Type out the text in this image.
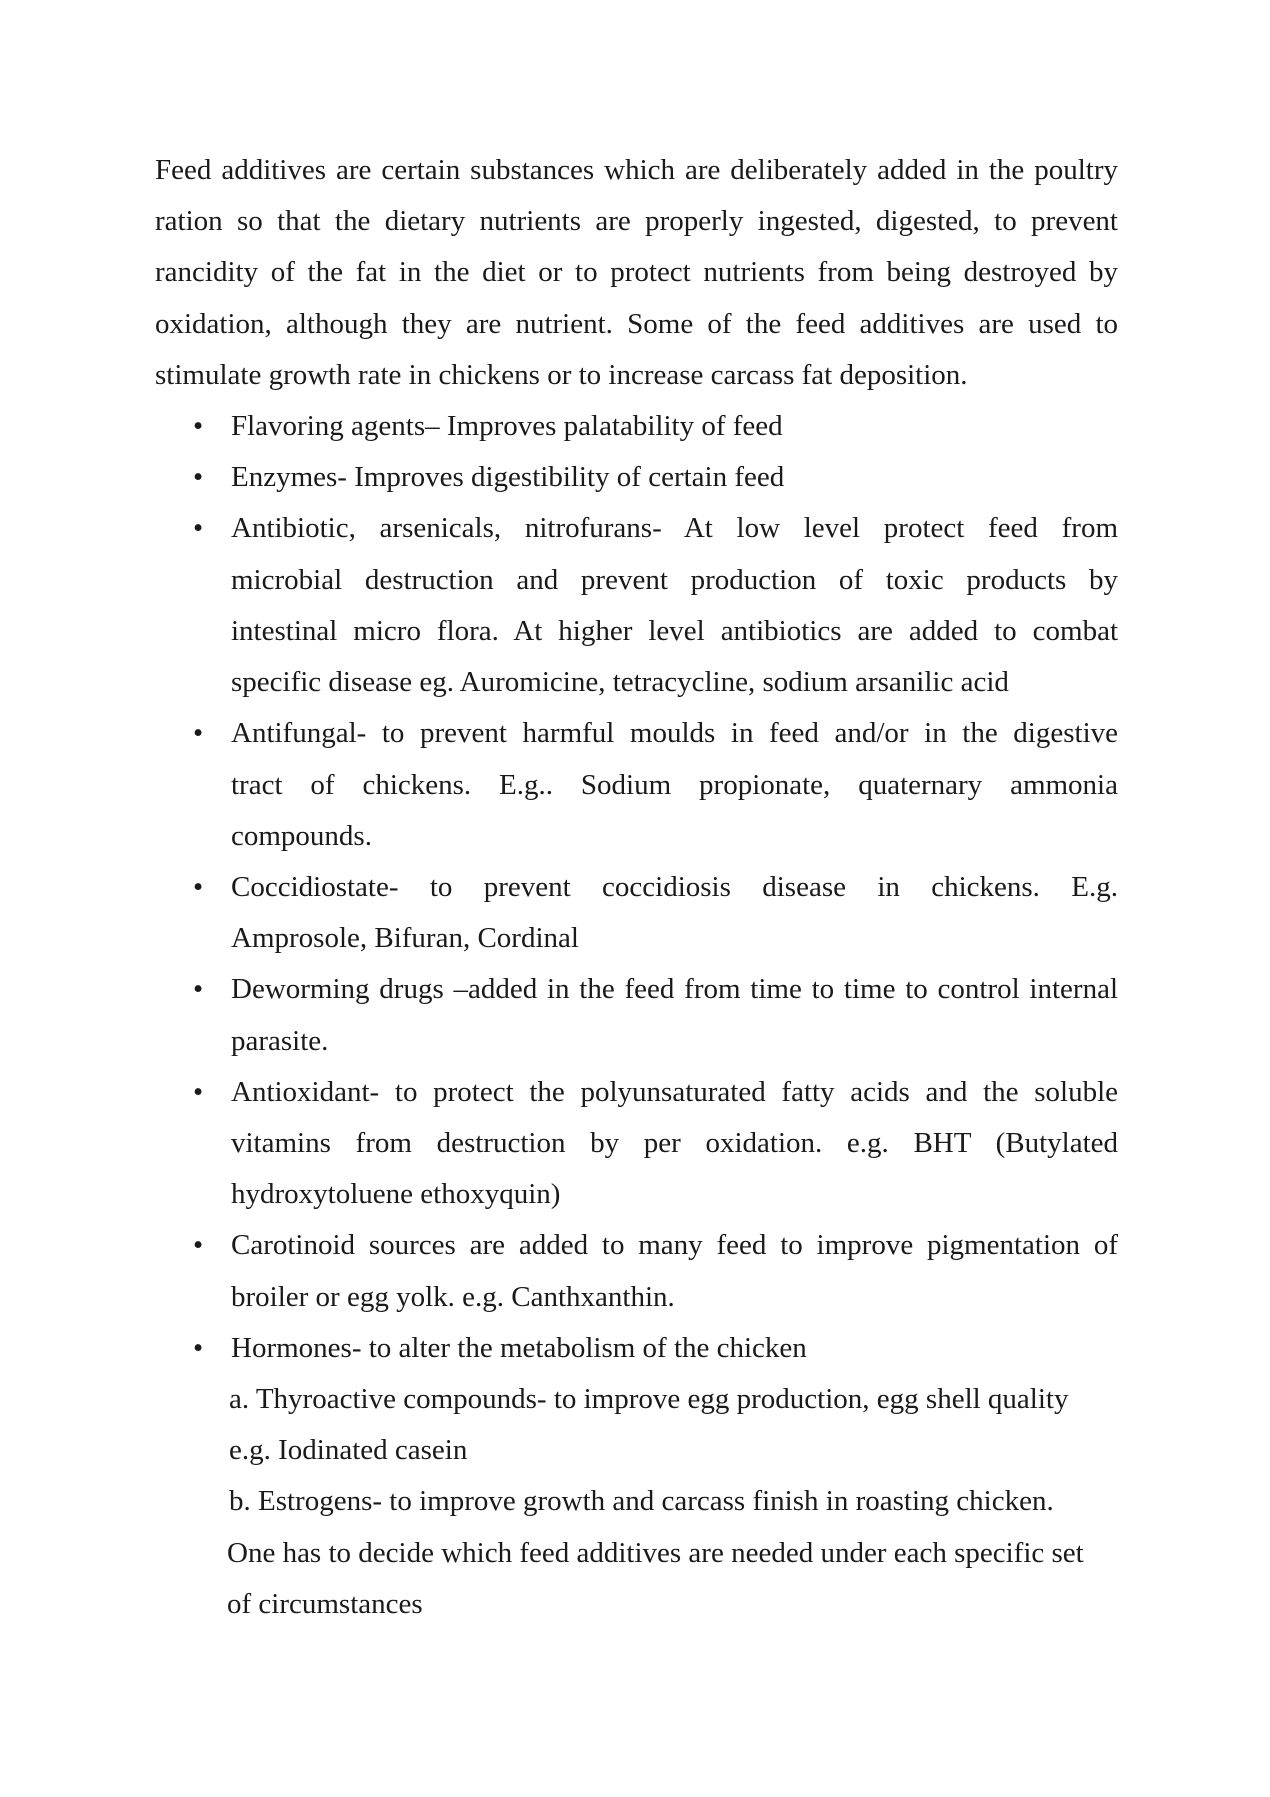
Feed additives are certain substances which are deliberately added in the poultry

ration so that the dietary nutrients are properly ingested, digested, to prevent

rancidity of the fat in the diet or to protect nutrients from being destroyed by

oxidation, although they are nutrient. Some of the feed additives are used to

stimulate growth rate in chickens or to increase carcass fat deposition.

• Flavoring agents– Improves palatability of feed

• Enzymes- Improves digestibility of certain feed

• Antibiotic, arsenicals, nitrofurans- At low level protect feed from

microbial destruction and prevent production of toxic products by

intestinal micro flora. At higher level antibiotics are added to combat

specific disease eg. Auromicine, tetracycline, sodium arsanilic acid

• Antifungal- to prevent harmful moulds in feed and/or in the digestive

tract of chickens. E.g.. Sodium propionate, quaternary ammonia

compounds.

• Coccidiostate- to prevent coccidiosis disease in chickens. E.g.

Amprosole, Bifuran, Cordinal

• Deworming drugs –added in the feed from time to time to control internal

parasite.

• Antioxidant- to protect the polyunsaturated fatty acids and the soluble

vitamins from destruction by per oxidation. e.g. BHT (Butylated

hydroxytoluene ethoxyquin)

• Carotinoid sources are added to many feed to improve pigmentation of

broiler or egg yolk. e.g. Canthxanthin.

• Hormones- to alter the metabolism of the chicken

a. Thyroactive compounds- to improve egg production, egg shell quality

e.g. Iodinated casein

b. Estrogens- to improve growth and carcass finish in roasting chicken.

One has to decide which feed additives are needed under each specific set

of circumstances
